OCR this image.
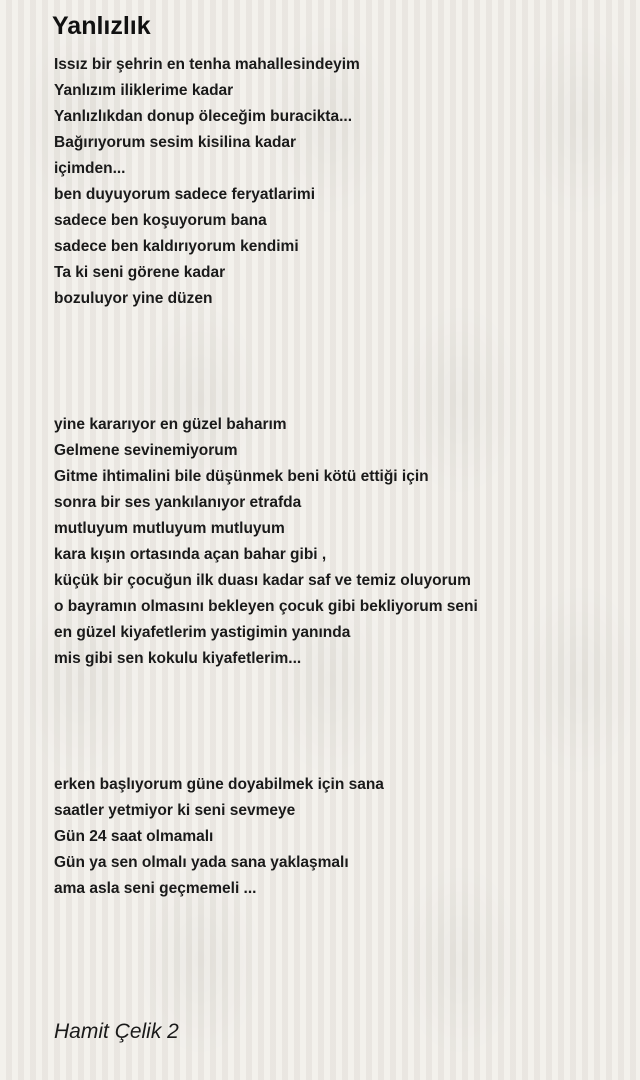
Yanlızlık
Issız bir şehrin en tenha mahallesindeyim
Yanlızım iliklerime kadar
Yanlızlıkdan donup öleceğim buracikta...
Bağırıyorum sesim kisilina kadar
içimden...
ben duyuyorum sadece feryatlarimi
sadece ben koşuyorum bana
sadece ben kaldırıyorum kendimi
Ta ki seni görene kadar
bozuluyor yine düzen
yine kararıyor en güzel baharım
Gelmene sevinemiyorum
Gitme ihtimalini bile düşünmek beni kötü ettiği için
sonra bir ses yankılanıyor etrafda
mutluyum mutluyum mutluyum
kara kışın ortasında açan bahar gibi ,
küçük bir çocuğun ilk duası kadar saf ve temiz oluyorum
o bayramın olmasını bekleyen çocuk gibi bekliyorum seni
en güzel kiyafetlerim yastigimin yanında
mis gibi sen kokulu kiyafetlerim...
erken başlıyorum güne doyabilmek için sana
saatler yetmiyor ki seni sevmeye
Gün 24 saat olmamalı
Gün ya sen olmalı yada sana yaklaşmalı
ama asla seni geçmemeli ...
Hamit Çelik 2
